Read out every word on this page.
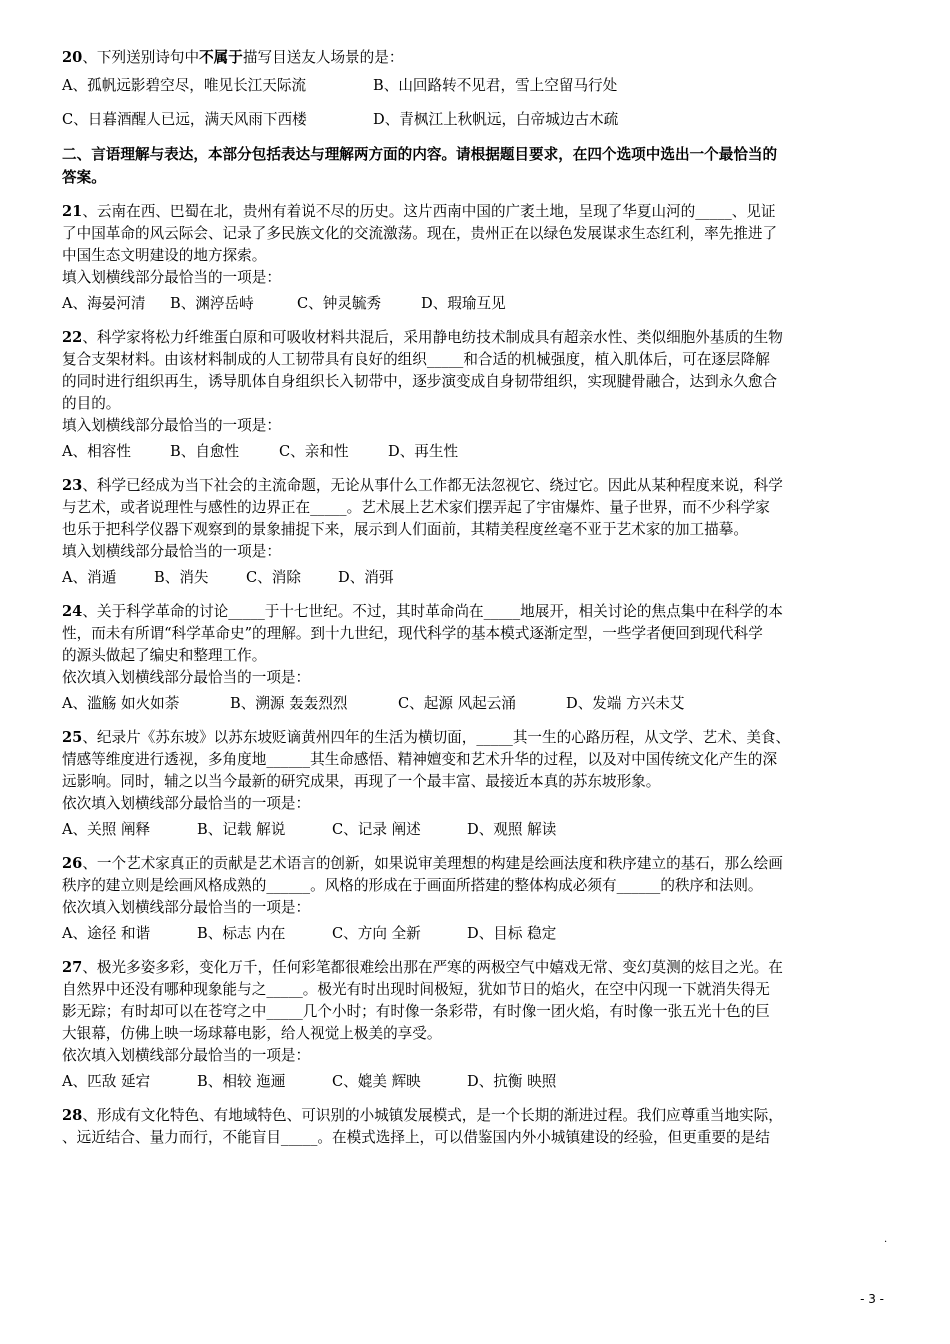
20、下列送别诗句中不属于描写目送友人场景的是：
A、孤帆远影碧空尽，唯见长江天际流	B、山回路转不见君，雪上空留马行处
C、日暮酒醒人已远，满天风雨下西楼	D、青枫江上秋帆远，白帝城边古木疏
二、言语理解与表达，本部分包括表达与理解两方面的内容。请根据题目要求，在四个选项中选出一个最恰当的
答案。
21、云南在西、巴蜀在北，贵州有着说不尽的历史。这片西南中国的广袤土地，呈现了华夏山河的_____、见证
了中国革命的风云际会、记录了多民族文化的交流激荡。现在，贵州正在以绿色发展谋求生态红利，率先推进了
中国生态文明建设的地方探索。
填入划横线部分最恰当的一项是：
A、海晏河清	B、渊渟岳峙	C、钟灵毓秀	D、瑕瑜互见
22、科学家将松力纤维蛋白原和可吸收材料共混后，采用静电纺技术制成具有超亲水性、类似细胞外基质的生物
复合支架材料。由该材料制成的人工韧带具有良好的组织_____和合适的机械强度，植入肌体后，可在逐层降解
的同时进行组织再生，诱导肌体自身组织长入韧带中，逐步演变成自身韧带组织，实现腱骨融合，达到永久愈合
的目的。
填入划横线部分最恰当的一项是：
A、相容性	B、自愈性	C、亲和性	D、再生性
23、科学已经成为当下社会的主流命题，无论从事什么工作都无法忽视它、绕过它。因此从某种程度来说，科学
与艺术，或者说理性与感性的边界正在_____。艺术展上艺术家们摆弄起了宇宙爆炸、量子世界，而不少科学家
也乐于把科学仪器下观察到的景象捕捉下来，展示到人们面前，其精美程度丝毫不亚于艺术家的加工描摹。
填入划横线部分最恰当的一项是：
A、消遁	B、消失	C、消除	D、消弭
24、关于科学革命的讨论_____于十七世纪。不过，其时革命尚在_____地展开，相关讨论的焦点集中在科学的本
性，而未有所谓“科学革命史”的理解。到十九世纪，现代科学的基本模式逐渐定型，一些学者便回到现代科学
的源头做起了编史和整理工作。
依次填入划横线部分最恰当的一项是：
A、滥觞 如火如荼	B、溯源 轰轰烈烈	C、起源 风起云涌	D、发端 方兴未艾
25、纪录片《苏东坡》以苏东坡贬谪黄州四年的生活为横切面，_____其一生的心路历程，从文学、艺术、美食、
情感等维度进行透视，多角度地______其生命感悟、精神嬗变和艺术升华的过程，以及对中国传统文化产生的深
远影响。同时，辅之以当今最新的研究成果，再现了一个最丰富、最接近本真的苏东坡形象。
依次填入划横线部分最恰当的一项是：
A、关照 阐释	B、记载 解说	C、记录 阐述	D、观照 解读
26、一个艺术家真正的贡献是艺术语言的创新，如果说审美理想的构建是绘画法度和秩序建立的基石，那么绘画
秩序的建立则是绘画风格成熟的______。风格的形成在于画面所搭建的整体构成必须有______的秩序和法则。
依次填入划横线部分最恰当的一项是：
A、途径 和谐	B、标志 内在	C、方向 全新	D、目标 稳定
27、极光多姿多彩，变化万千，任何彩笔都很难绘出那在严寒的两极空气中嬉戏无常、变幻莫测的炫目之光。在
自然界中还没有哪种现象能与之_____。极光有时出现时间极短，犹如节日的焰火，在空中闪现一下就消失得无
影无踪；有时却可以在苍穹之中_____几个小时；有时像一条彩带，有时像一团火焰，有时像一张五光十色的巨
大银幕，仿佛上映一场球幕电影，给人视觉上极美的享受。
依次填入划横线部分最恰当的一项是：
A、匹敌 延宕	B、相较 迤逦	C、媲美 辉映	D、抗衡 映照
28、形成有文化特色、有地域特色、可识别的小城镇发展模式，是一个长期的渐进过程。我们应尊重当地实际，
、远近结合、量力而行，不能盲目_____。在模式选择上，可以借鉴国内外小城镇建设的经验，但更重要的是结
.
- 3 -
